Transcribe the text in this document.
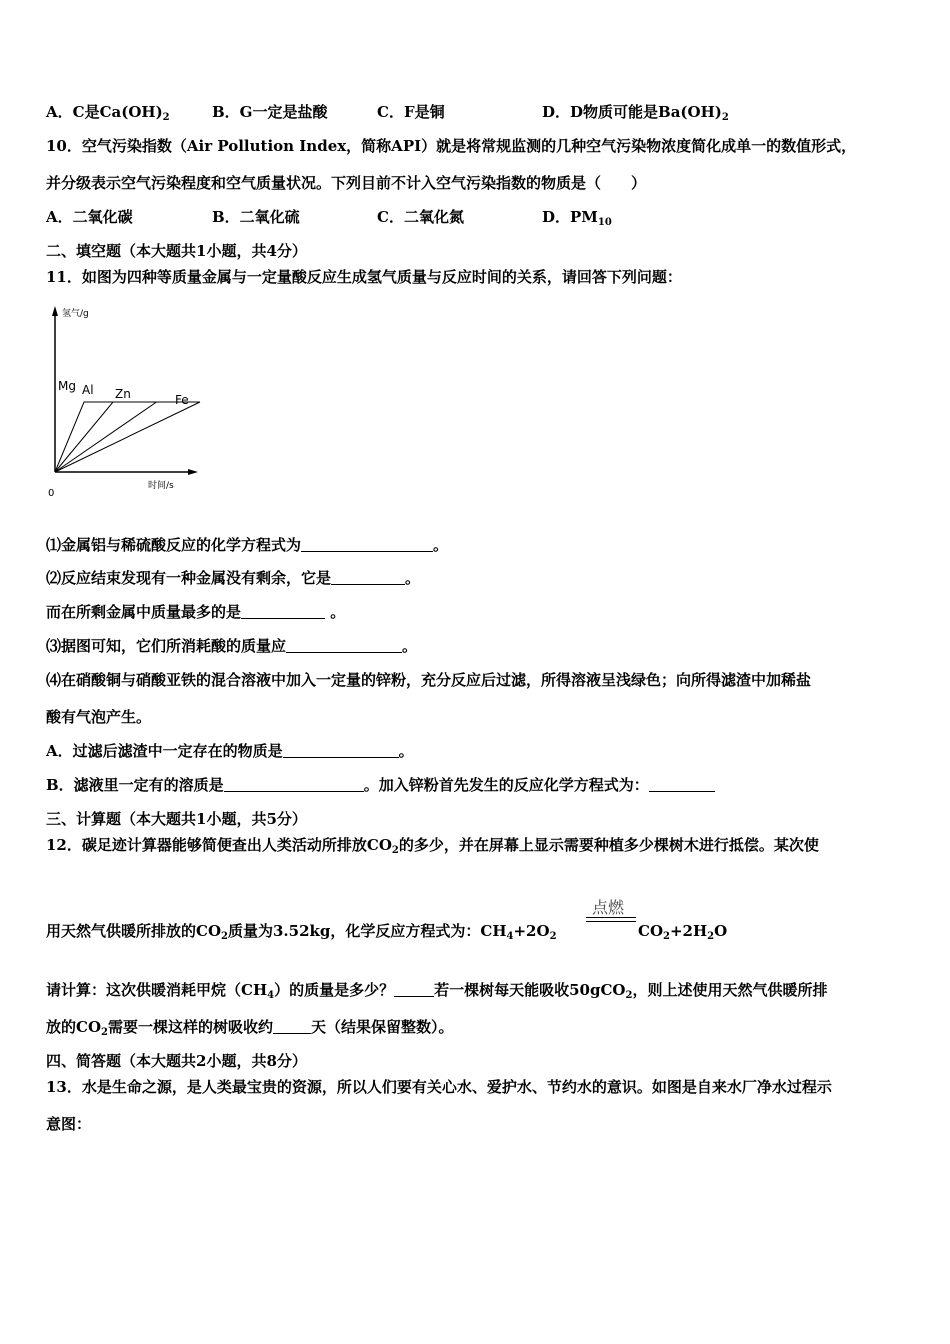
A．C是$Ca(OH)_2$	B．G一定是盐酸	C．F是铜	D．D物质可能是$Ba(OH)_2$
10．空气污染指数（Air Pollution Index，简称API）就是将常规监测的几种空气污染物浓度简化成单一的数值形式，
并分级表示空气污染程度和空气质量状况。下列目前不计入空气污染指数的物质是（　　）
A．二氧化碳	B．二氧化硫	C．二氧化氮	D．$PM_{10}$
二、填空题（本大题共1小题，共4分）
11．如图为四种等质量金属与一定量酸反应生成氢气质量与反应时间的关系，请回答下列问题：
氢气/g
时间/s
0
Mg Al Zn	Fe
⑴金属铝与稀硫酸反应的化学方程式为	。
⑵反应结束发现有一种金属没有剩余，它是	。
而在所剩金属中质量最多的是	。
⑶据图可知，它们所消耗酸的质量应	。
⑷在硝酸铜与硝酸亚铁的混合溶液中加入一定量的锌粉，充分反应后过滤，所得溶液呈浅绿色；向所得滤渣中加稀盐
酸有气泡产生。
A．过滤后滤渣中一定存在的物质是	。
B．滤液里一定有的溶质是	。加入锌粉首先发生的反应化学方程式为：
三、计算题（本大题共1小题，共5分）
12．碳足迹计算器能够简便查出人类活动所排放$CO_2$的多少，并在屏幕上显示需要种植多少棵树木进行抵偿。某次使
用天然气供暖所排放的$CO_2$质量为3.52kg，化学反应方程式为：$CH_4+2O_2$
点燃
$CO_2+2H_2O$
请计算：这次供暖消耗甲烷$(CH_4)$的质量是多少？	若一棵树每天能吸收50gCO$_2$，则上述使用天然气供暖所排
放的$CO_2$需要一棵这样的树吸收约	天（结果保留整数）。
四、简答题（本大题共2小题，共8分）
13．水是生命之源，是人类最宝贵的资源，所以人们要有关心水、爱护水、节约水的意识。如图是自来水厂净水过程示
意图：
